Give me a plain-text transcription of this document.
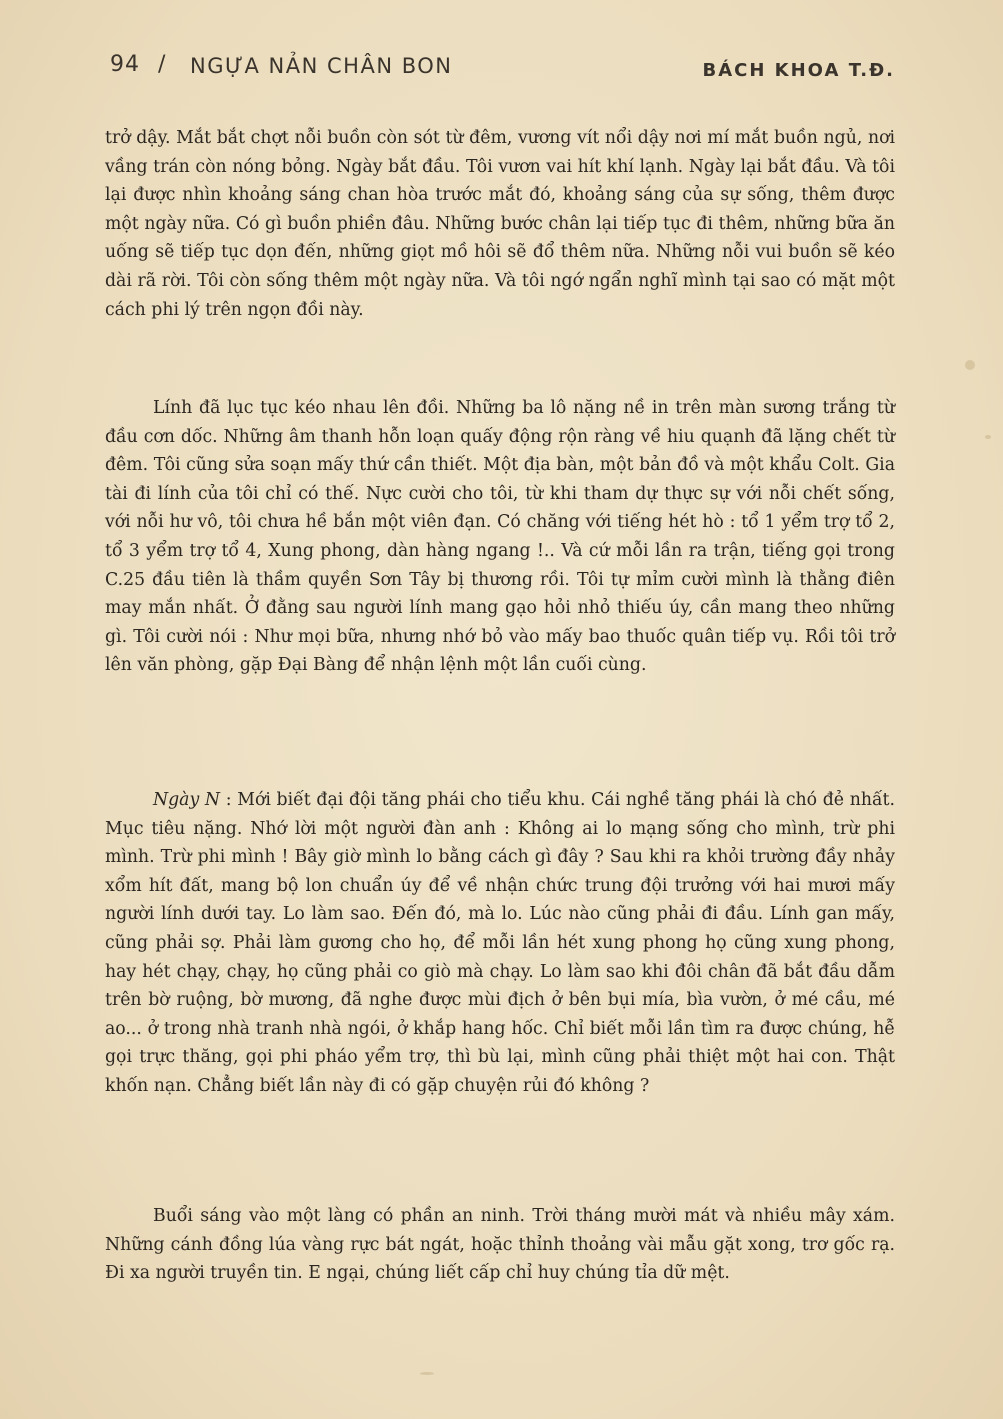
94 / NGỰA NẢN CHÂN BON	BÁCH KHOA T.Đ.

trở dậy. Mắt bắt chợt nỗi buồn còn sót từ đêm, vương vít nổi dậy nơi mí mắt buồn ngủ, nơi vầng trán còn nóng bỏng. Ngày bắt đầu. Tôi vươn vai hít khí lạnh. Ngày lại bắt đầu. Và tôi lại được nhìn khoảng sáng chan hòa trước mắt đó, khoảng sáng của sự sống, thêm được một ngày nữa. Có gì buồn phiền đâu. Những bước chân lại tiếp tục đi thêm, những bữa ăn uống sẽ tiếp tục dọn đến, những giọt mồ hôi sẽ đổ thêm nữa. Những nỗi vui buồn sẽ kéo dài rã rời. Tôi còn sống thêm một ngày nữa. Và tôi ngớ ngẩn nghĩ mình tại sao có mặt một cách phi lý trên ngọn đồi này.

Lính đã lục tục kéo nhau lên đồi. Những ba lô nặng nề in trên màn sương trắng từ đầu cơn dốc. Những âm thanh hỗn loạn quấy động rộn ràng về hiu quạnh đã lặng chết từ đêm. Tôi cũng sửa soạn mấy thứ cần thiết. Một địa bàn, một bản đồ và một khẩu Colt. Gia tài đi lính của tôi chỉ có thế. Nực cười cho tôi, từ khi tham dự thực sự với nỗi chết sống, với nỗi hư vô, tôi chưa hề bắn một viên đạn. Có chăng với tiếng hét hò : tổ 1 yểm trợ tổ 2, tổ 3 yểm trợ tổ 4, Xung phong, dàn hàng ngang !.. Và cứ mỗi lần ra trận, tiếng gọi trong C.25 đầu tiên là thầm quyền Sơn Tây bị thương rồi. Tôi tự mỉm cười mình là thằng điên may mắn nhất. Ở đằng sau người lính mang gạo hỏi nhỏ thiếu úy, cần mang theo những gì. Tôi cười nói : Như mọi bữa, nhưng nhớ bỏ vào mấy bao thuốc quân tiếp vụ. Rồi tôi trở lên văn phòng, gặp Đại Bàng để nhận lệnh một lần cuối cùng.

Ngày N : Mới biết đại đội tăng phái cho tiểu khu. Cái nghề tăng phái là chó đẻ nhất. Mục tiêu nặng. Nhớ lời một người đàn anh : Không ai lo mạng sống cho mình, trừ phi mình. Trừ phi mình ! Bây giờ mình lo bằng cách gì đây ? Sau khi ra khỏi trường đầy nhảy xổm hít đất, mang bộ lon chuẩn úy để về nhận chức trung đội trưởng với hai mươi mấy người lính dưới tay. Lo làm sao. Đến đó, mà lo. Lúc nào cũng phải đi đầu. Lính gan mấy, cũng phải sợ. Phải làm gương cho họ, để mỗi lần hét xung phong họ cũng xung phong, hay hét chạy, chạy, họ cũng phải co giò mà chạy. Lo làm sao khi đôi chân đã bắt đầu dẫm trên bờ ruộng, bờ mương, đã nghe được mùi địch ở bên bụi mía, bìa vườn, ở mé cầu, mé ao... ở trong nhà tranh nhà ngói, ở khắp hang hốc. Chỉ biết mỗi lần tìm ra được chúng, hễ gọi trực thăng, gọi phi pháo yểm trợ, thì bù lại, mình cũng phải thiệt một hai con. Thật khốn nạn. Chẳng biết lần này đi có gặp chuyện rủi đó không ?

Buổi sáng vào một làng có phần an ninh. Trời tháng mười mát và nhiều mây xám. Những cánh đồng lúa vàng rực bát ngát, hoặc thỉnh thoảng vài mẫu gặt xong, trơ gốc rạ. Đi xa người truyền tin. E ngại, chúng liết cấp chỉ huy chúng tỉa dữ mệt.
